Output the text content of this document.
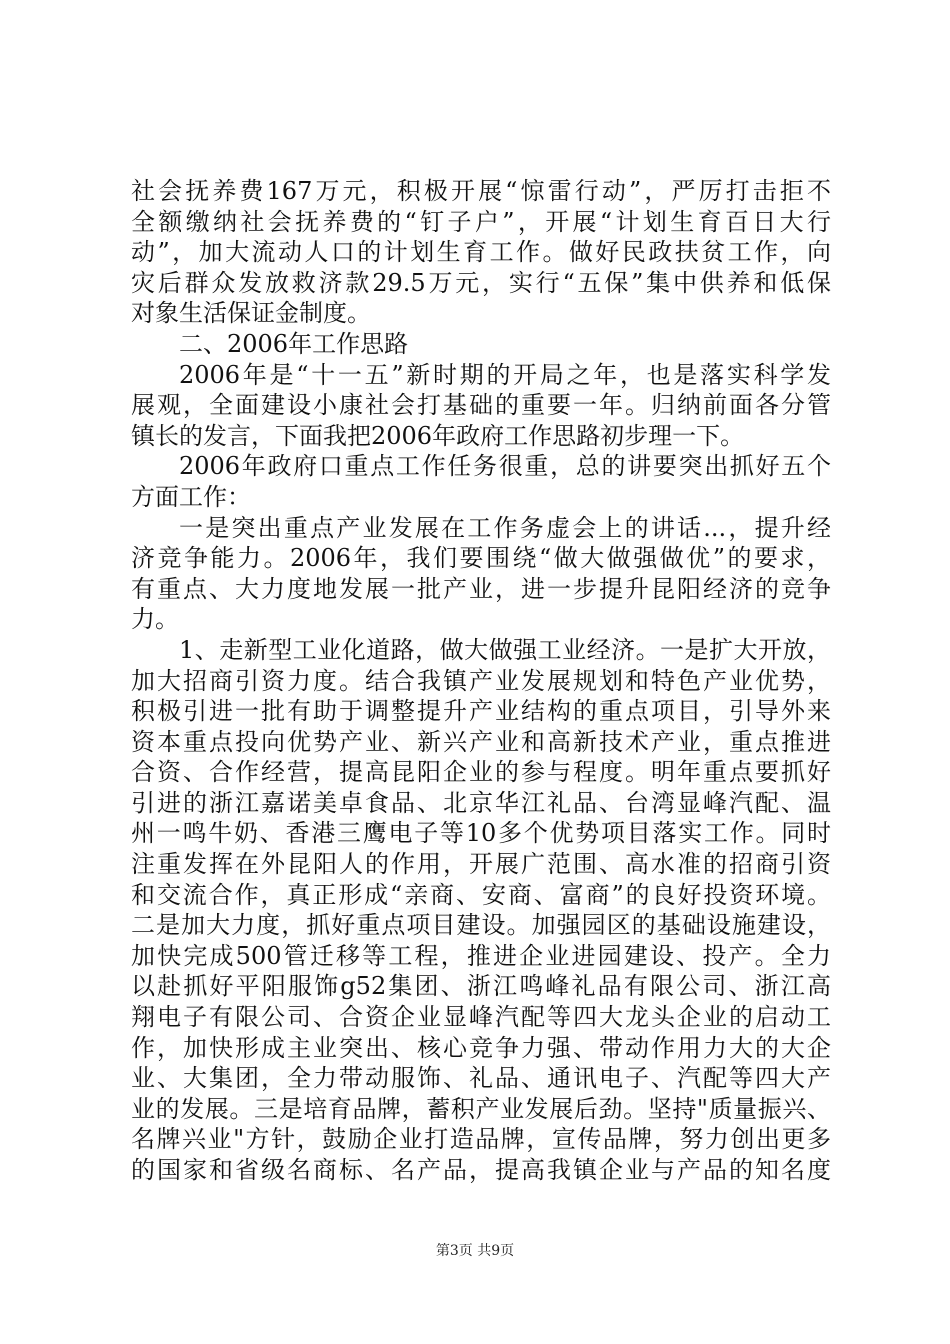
社会抚养费167万元，积极开展“惊雷行动”，严厉打击拒不
全额缴纳社会抚养费的“钉子户”，开展“计划生育百日大行
动”，加大流动人口的计划生育工作。做好民政扶贫工作，向
灾后群众发放救济款29.5万元，实行“五保”集中供养和低保
对象生活保证金制度。
二、2006年工作思路
2006年是“十一五”新时期的开局之年，也是落实科学发
展观，全面建设小康社会打基础的重要一年。归纳前面各分管
镇长的发言，下面我把2006年政府工作思路初步理一下。
2006年政府口重点工作任务很重，总的讲要突出抓好五个
方面工作：
一是突出重点产业发展在工作务虚会上的讲话...，提升经
济竞争能力。2006年，我们要围绕“做大做强做优”的要求，
有重点、大力度地发展一批产业，进一步提升昆阳经济的竞争
力。
1、走新型工业化道路，做大做强工业经济。一是扩大开放，
加大招商引资力度。结合我镇产业发展规划和特色产业优势，
积极引进一批有助于调整提升产业结构的重点项目，引导外来
资本重点投向优势产业、新兴产业和高新技术产业，重点推进
合资、合作经营，提高昆阳企业的参与程度。明年重点要抓好
引进的浙江嘉诺美卓食品、北京华江礼品、台湾显峰汽配、温
州一鸣牛奶、香港三鹰电子等10多个优势项目落实工作。同时
注重发挥在外昆阳人的作用，开展广范围、高水准的招商引资
和交流合作，真正形成“亲商、安商、富商”的良好投资环境。
二是加大力度，抓好重点项目建设。加强园区的基础设施建设，
加快完成500管迁移等工程，推进企业进园建设、投产。全力
以赴抓好平阳服饰g52集团、浙江鸣峰礼品有限公司、浙江高
翔电子有限公司、合资企业显峰汽配等四大龙头企业的启动工
作，加快形成主业突出、核心竞争力强、带动作用力大的大企
业、大集团，全力带动服饰、礼品、通讯电子、汽配等四大产
业的发展。三是培育品牌，蓄积产业发展后劲。坚持"质量振兴、
名牌兴业"方针，鼓励企业打造品牌，宣传品牌，努力创出更多
的国家和省级名商标、名产品，提高我镇企业与产品的知名度
第3页 共9页
